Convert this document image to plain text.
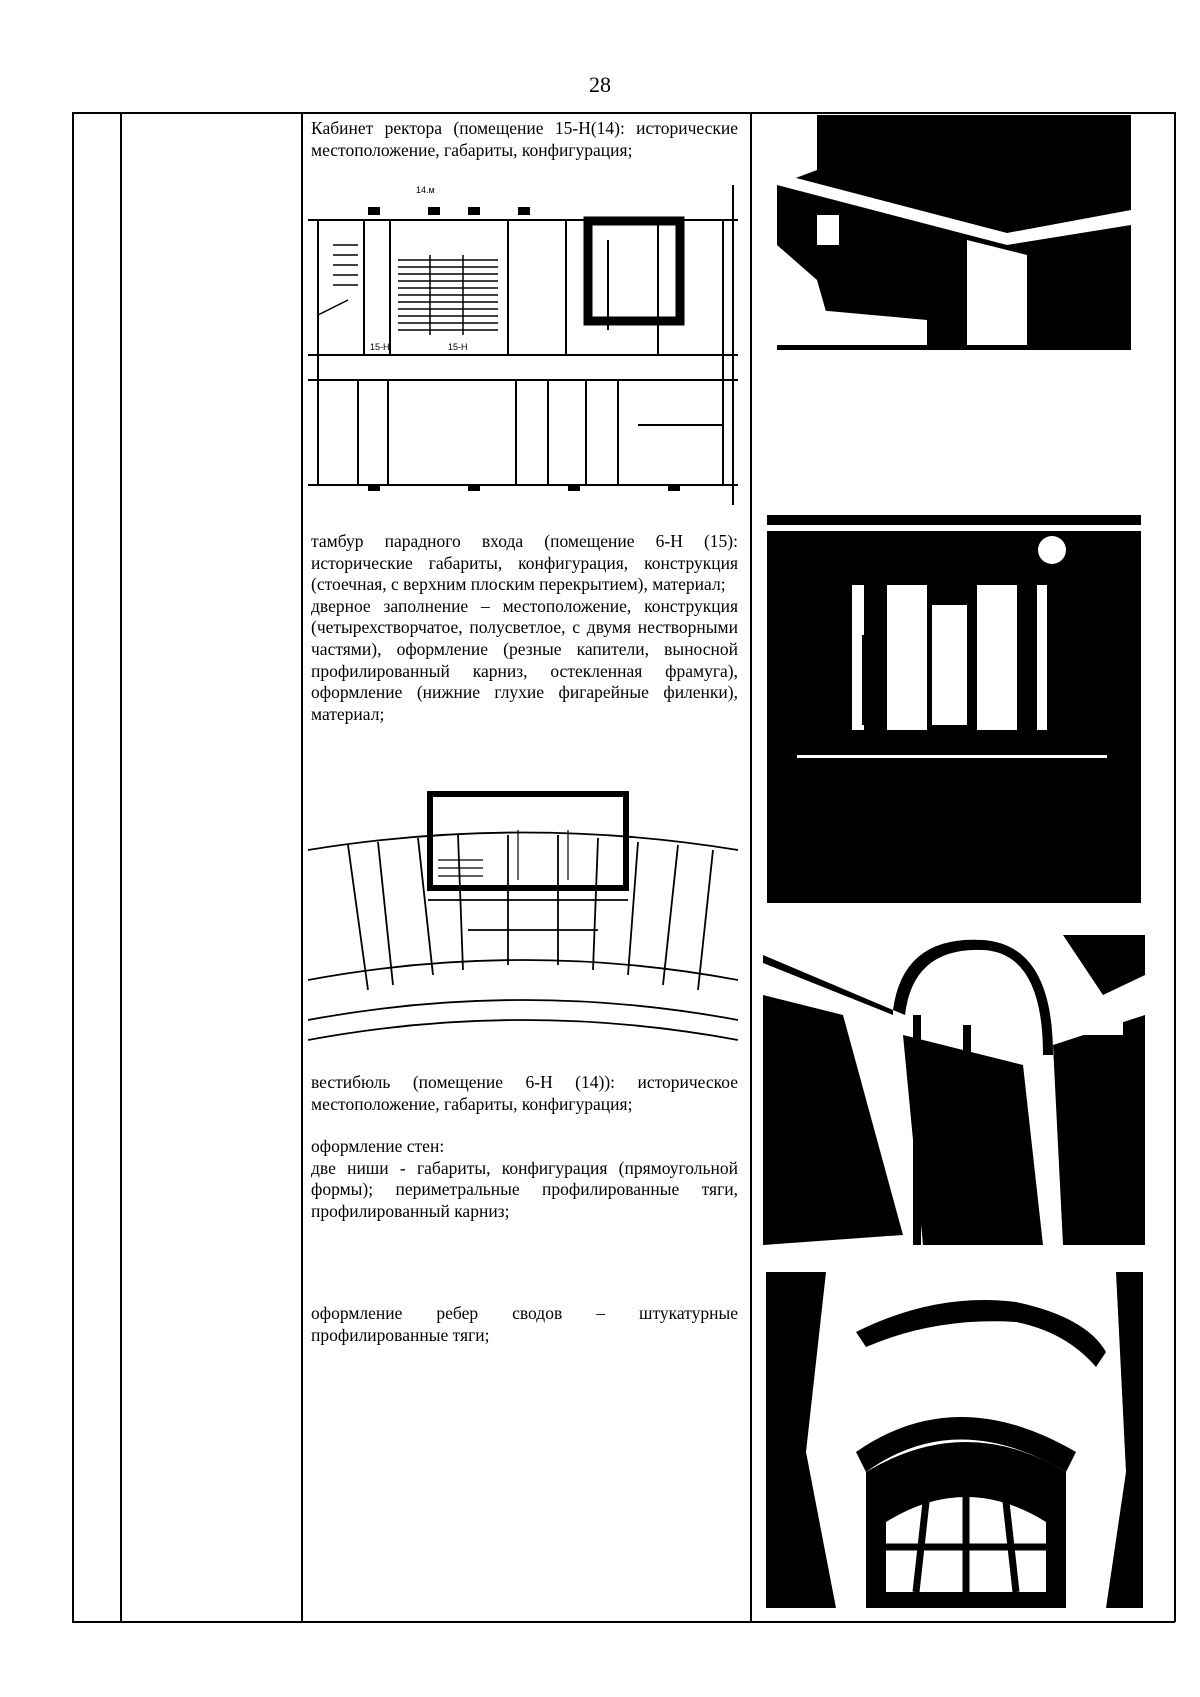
28

Кабинет ректора (помещение 15-Н(14): исторические местоположение, габариты, конфигурация;

14.м
15-Н	15-Н

тамбур парадного входа (помещение 6-Н (15): исторические габариты, конфигурация, конструкция (стоечная, с верхним плоским перекрытием), материал;

дверное заполнение – местоположение, конструкция (четырехстворчатое, полусветлое, с двумя нестворными частями), оформление (резные капители, выносной профилированный карниз, остекленная фрамуга), оформление (нижние глухие фигарейные филенки), материал;

вестибюль (помещение 6-Н (14)): историческое местоположение, габариты, конфигурация;

оформление стен:

две ниши - габариты, конфигурация (прямоугольной формы); периметральные профилированные тяги, профилированный карниз;

оформление ребер сводов – штукатурные профилированные тяги;
